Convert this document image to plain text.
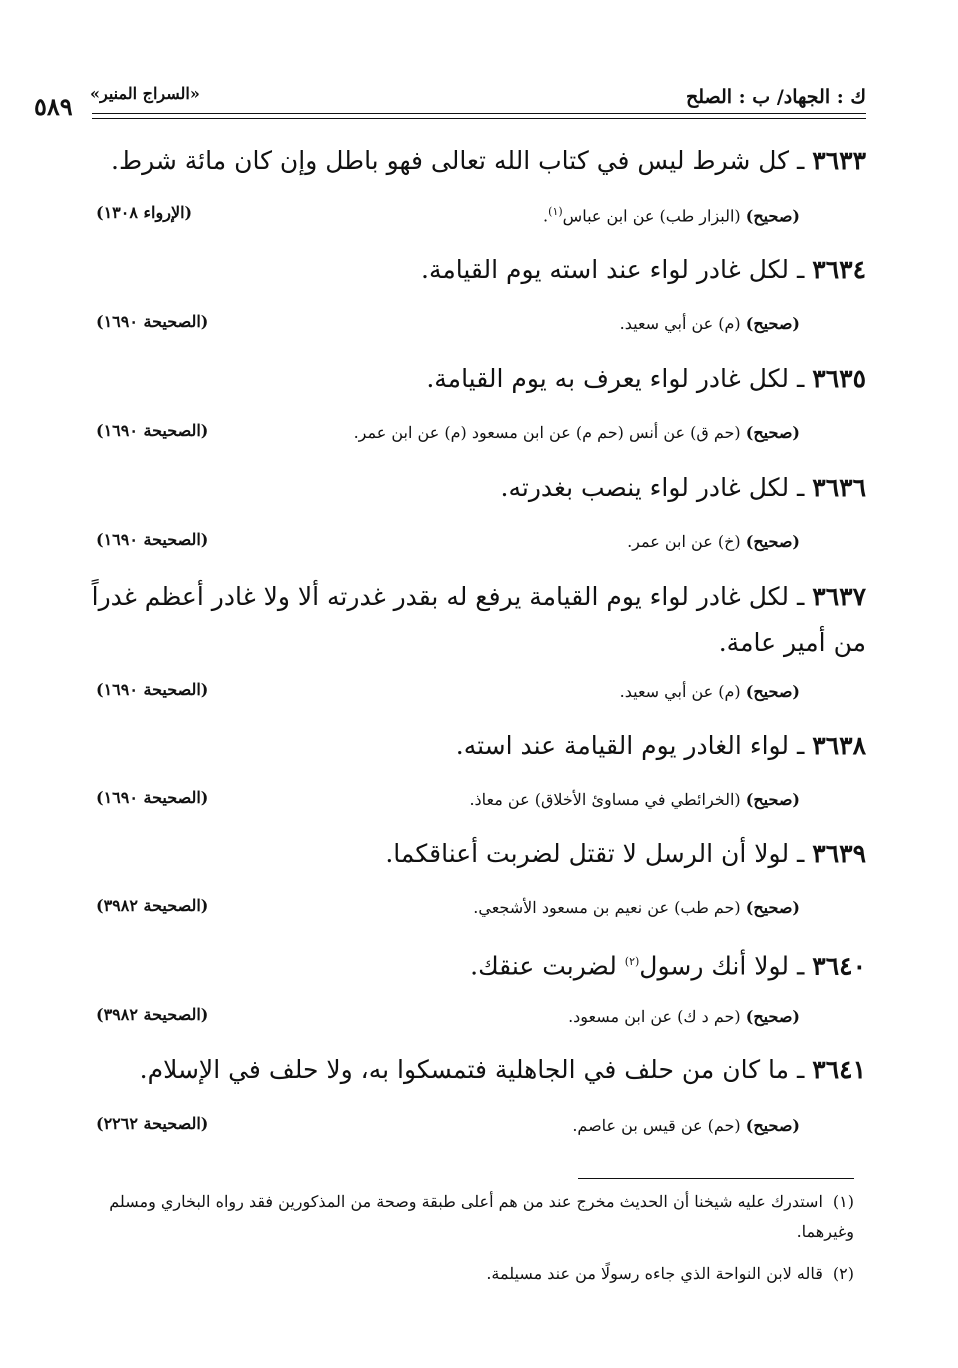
ك : الجهاد/ ب : الصلح
«السراج المنير»
٥٨٩
٣٦٣٣ ـ كل شرط ليس في كتاب الله تعالى فهو باطل وإن كان مائة شرط.
(صحيح) (البزار طب) عن ابن عباس$^{(١)}$.
(الإرواء ١٣٠٨)
٣٦٣٤ ـ لكل غادر لواء عند استه يوم القيامة.
(صحيح) (م) عن أبي سعيد.
(الصحيحة ١٦٩٠)
٣٦٣٥ ـ لكل غادر لواء يعرف به يوم القيامة.
(صحيح) (حم ق) عن أنس (حم م) عن ابن مسعود (م) عن ابن عمر.
(الصحيحة ١٦٩٠)
٣٦٣٦ ـ لكل غادر لواء ينصب بغدرته.
(صحيح) (خ) عن ابن عمر.
(الصحيحة ١٦٩٠)
٣٦٣٧ ـ لكل غادر لواء يوم القيامة يرفع له بقدر غدرته ألا ولا غادر أعظم غدراً من أمير عامة.
(صحيح) (م) عن أبي سعيد.
(الصحيحة ١٦٩٠)
٣٦٣٨ ـ لواء الغادر يوم القيامة عند استه.
(صحيح) (الخرائطي في مساوئ الأخلاق) عن معاذ.
(الصحيحة ١٦٩٠)
٣٦٣٩ ـ لولا أن الرسل لا تقتل لضربت أعناقكما.
(صحيح) (حم طب) عن نعيم بن مسعود الأشجعي.
(الصحيحة ٣٩٨٢)
٣٦٤٠ ـ لولا أنك رسول$^{(٢)}$ لضربت عنقك.
(صحيح) (حم د ك) عن ابن مسعود.
(الصحيحة ٣٩٨٢)
٣٦٤١ ـ ما كان من حلف في الجاهلية فتمسكوا به، ولا حلف في الإسلام.
(صحيح) (حم) عن قيس بن عاصم.
(الصحيحة ٢٢٦٢)
(١)استدرك عليه شيخنا أن الحديث مخرج عند من هم أعلى طبقة وصحة من المذكورين فقد رواه البخاري ومسلم وغيرهما.
(٢)قاله لابن النواحة الذي جاءه رسولًا من عند مسيلمة.
